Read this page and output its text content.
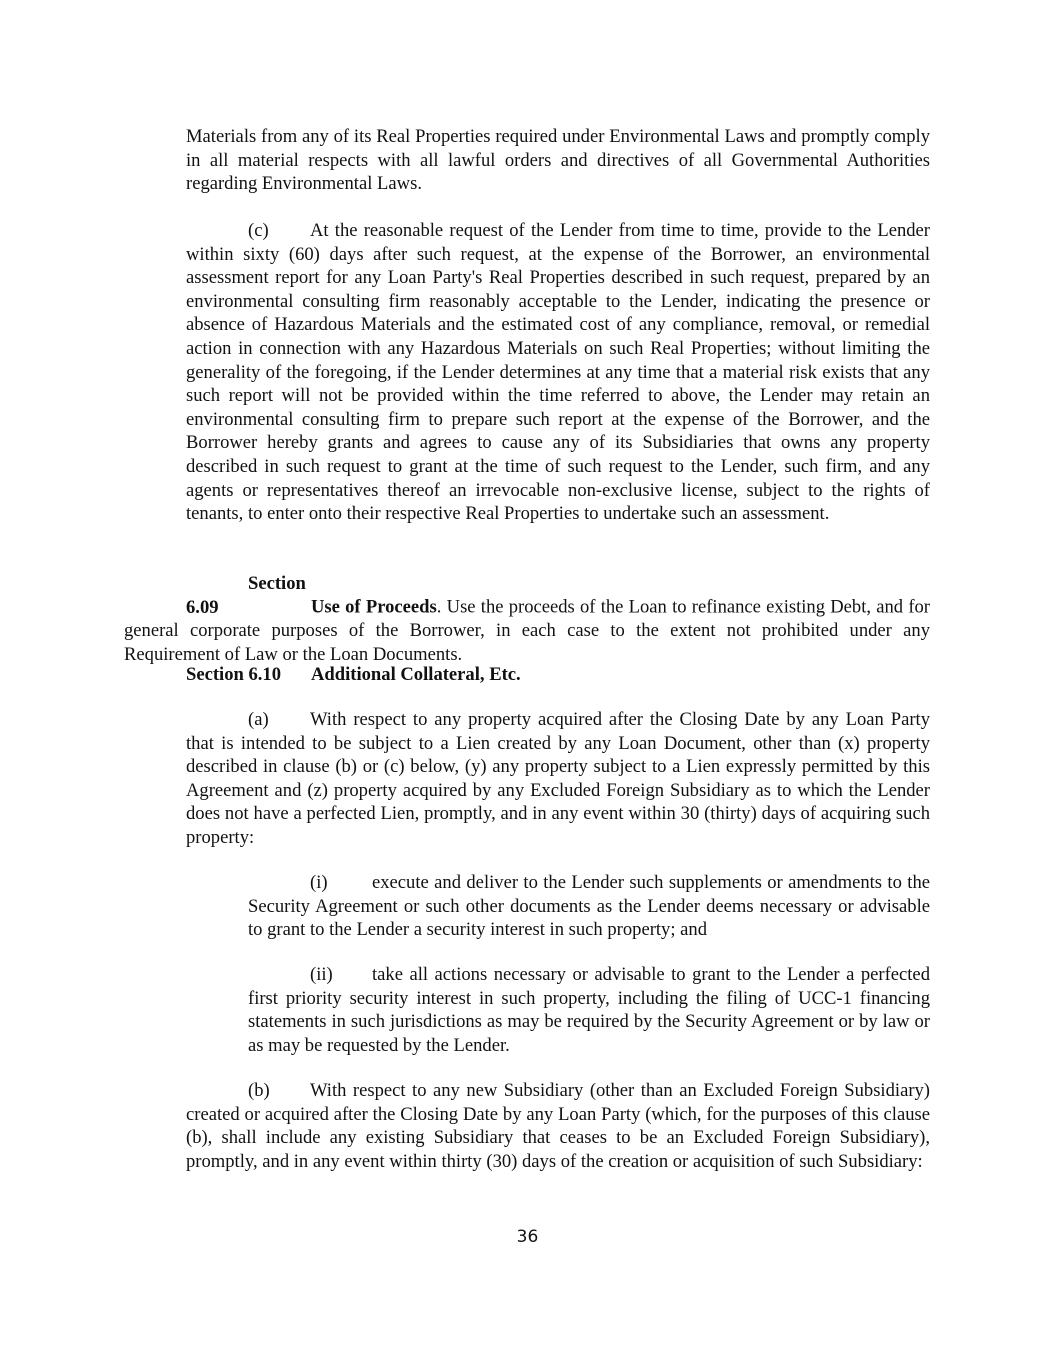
Materials from any of its Real Properties required under Environmental Laws and promptly comply in all material respects with all lawful orders and directives of all Governmental Authorities regarding Environmental Laws.

(c) At the reasonable request of the Lender from time to time, provide to the Lender within sixty (60) days after such request, at the expense of the Borrower, an environmental assessment report for any Loan Party's Real Properties described in such request, prepared by an environmental consulting firm reasonably acceptable to the Lender, indicating the presence or absence of Hazardous Materials and the estimated cost of any compliance, removal, or remedial action in connection with any Hazardous Materials on such Real Properties; without limiting the generality of the foregoing, if the Lender determines at any time that a material risk exists that any such report will not be provided within the time referred to above, the Lender may retain an environmental consulting firm to prepare such report at the expense of the Borrower, and the Borrower hereby grants and agrees to cause any of its Subsidiaries that owns any property described in such request to grant at the time of such request to the Lender, such firm, and any agents or representatives thereof an irrevocable non-exclusive license, subject to the rights of tenants, to enter onto their respective Real Properties to undertake such an assessment.

Section 6.09	Use of Proceeds. Use the proceeds of the Loan to refinance existing Debt, and for general corporate purposes of the Borrower, in each case to the extent not prohibited under any Requirement of Law or the Loan Documents.

Section 6.10 Additional Collateral, Etc.

(a) With respect to any property acquired after the Closing Date by any Loan Party that is intended to be subject to a Lien created by any Loan Document, other than (x) property described in clause (b) or (c) below, (y) any property subject to a Lien expressly permitted by this Agreement and (z) property acquired by any Excluded Foreign Subsidiary as to which the Lender does not have a perfected Lien, promptly, and in any event within 30 (thirty) days of acquiring such property:

(i) execute and deliver to the Lender such supplements or amendments to the Security Agreement or such other documents as the Lender deems necessary or advisable to grant to the Lender a security interest in such property; and

(ii) take all actions necessary or advisable to grant to the Lender a perfected first priority security interest in such property, including the filing of UCC-1 financing statements in such jurisdictions as may be required by the Security Agreement or by law or as may be requested by the Lender.

(b) With respect to any new Subsidiary (other than an Excluded Foreign Subsidiary) created or acquired after the Closing Date by any Loan Party (which, for the purposes of this clause (b), shall include any existing Subsidiary that ceases to be an Excluded Foreign Subsidiary), promptly, and in any event within thirty (30) days of the creation or acquisition of such Subsidiary:

36
